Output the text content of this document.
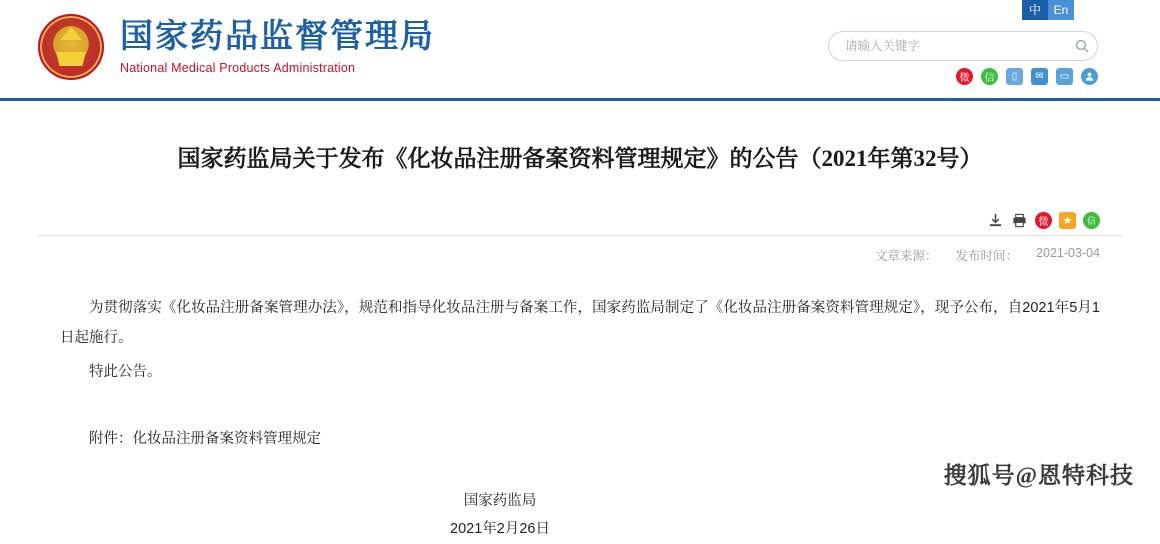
国家药品监督管理局
National Medical Products Administration
中	En
请输入关键字
微	信	▯	✉	▭
国家药监局关于发布《化妆品注册备案资料管理规定》的公告（2021年第32号）
微	★	信
文章来源： 发布时间： 2021-03-04

为贯彻落实《化妆品注册备案管理办法》，规范和指导化妆品注册与备案工作，国家药监局制定了《化妆品注册备案资料管理规定》，现予公布，自2021年5月1日起施行。

特此公告。

附件：化妆品注册备案资料管理规定
国家药监局
2021年2月26日
搜狐号@恩特科技
